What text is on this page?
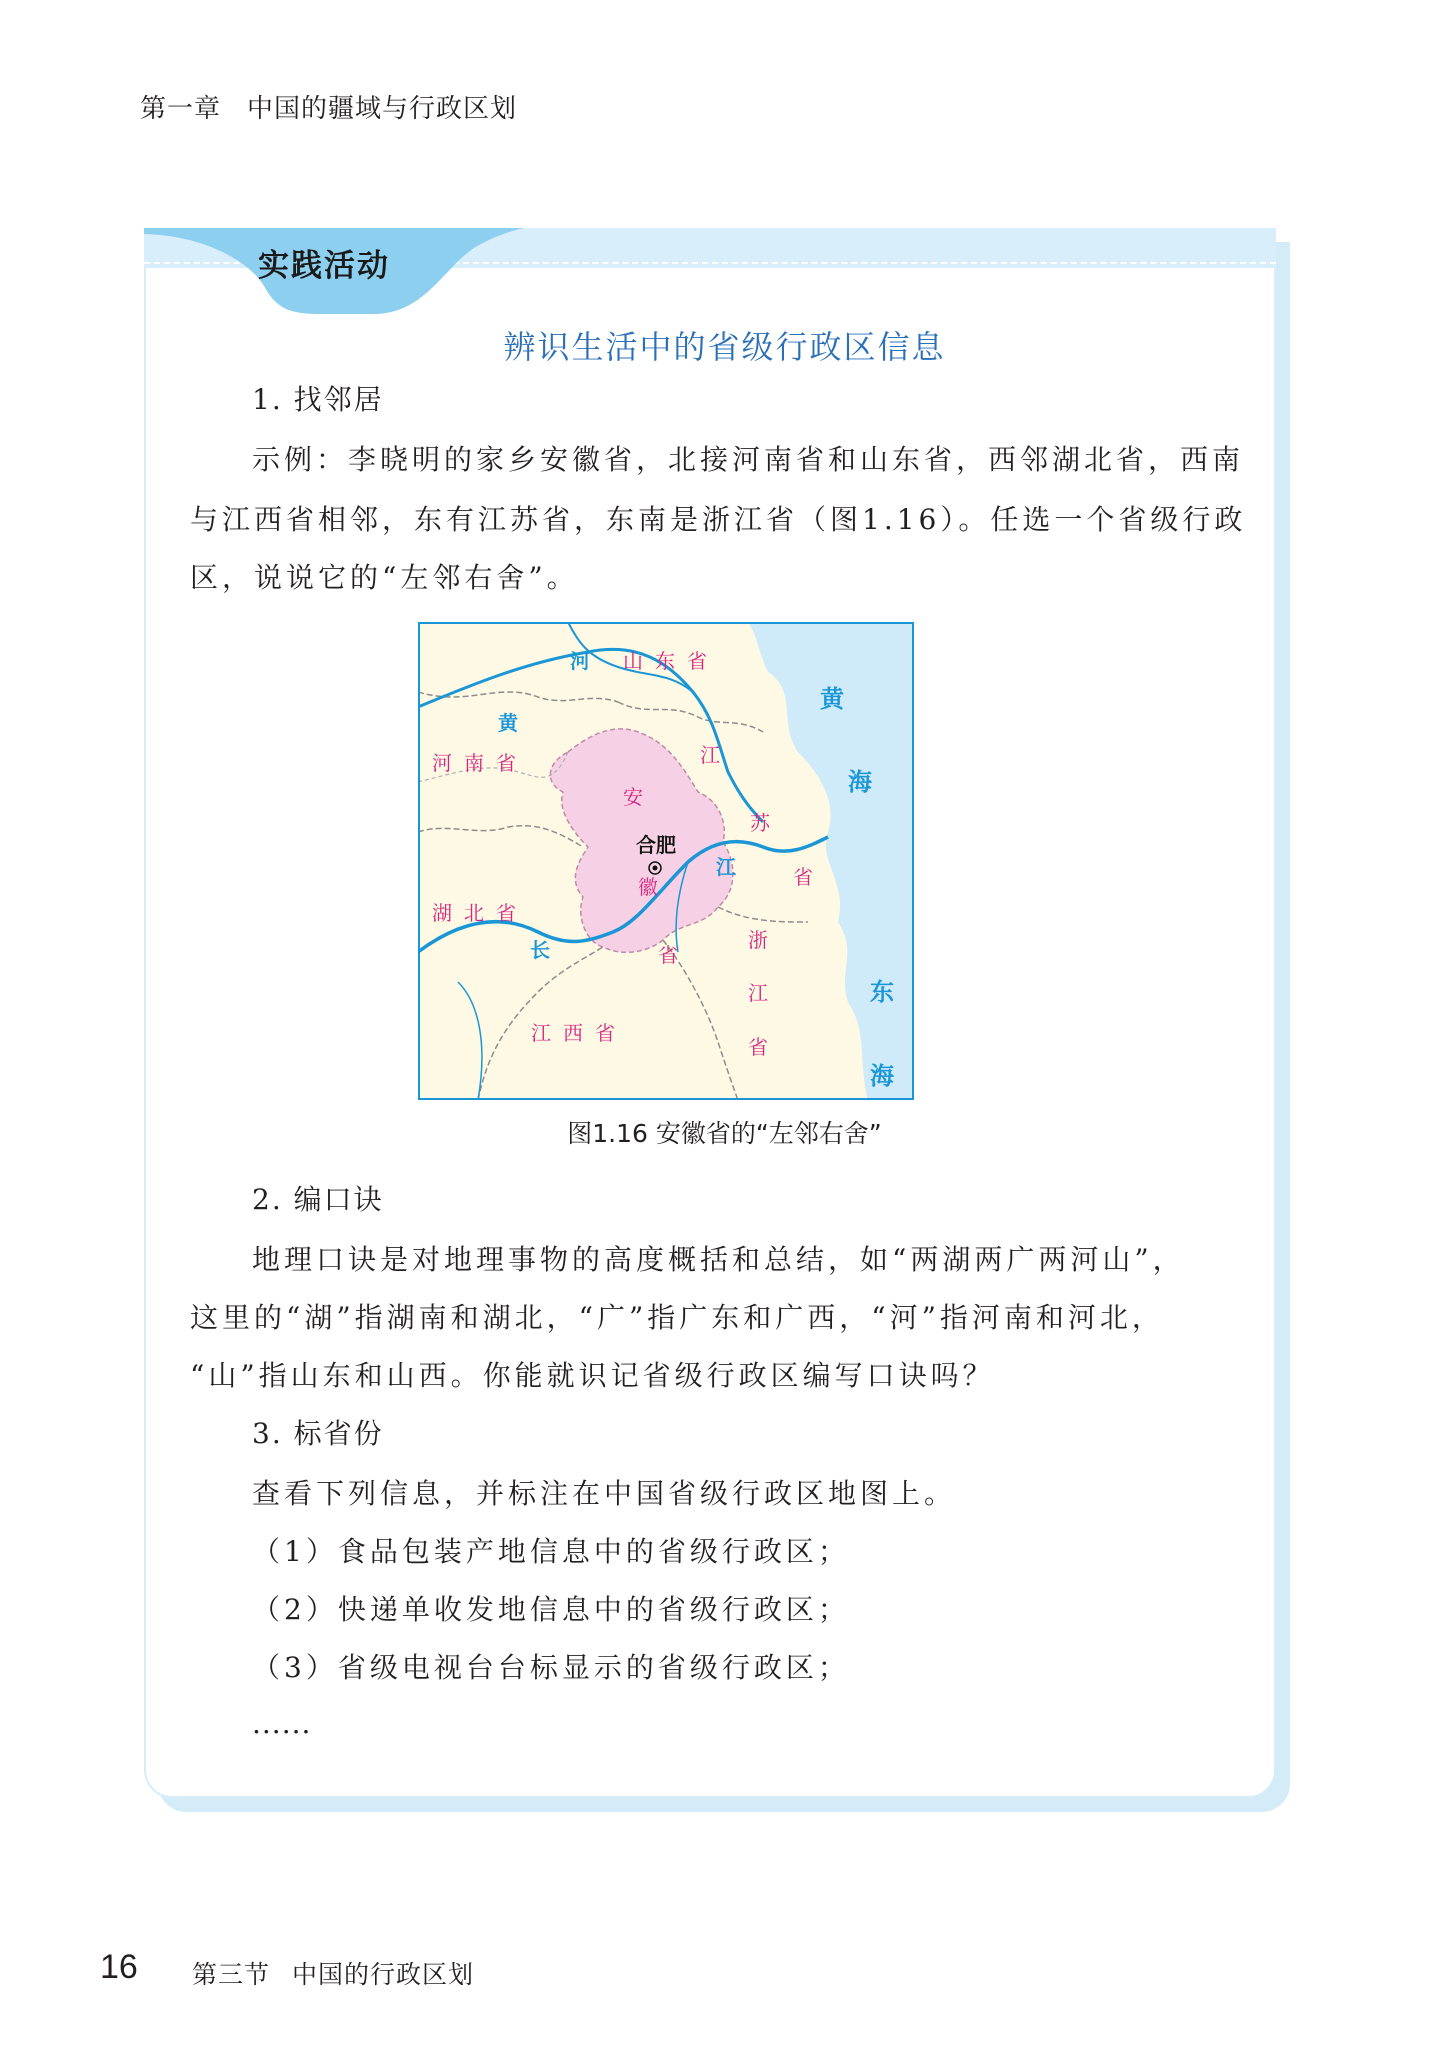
第一章 中国的疆域与行政区划
实践活动
辨识生活中的省级行政区信息
1. 找邻居
示例：李晓明的家乡安徽省，北接河南省和山东省，西邻湖北省，西南
与江西省相邻，东有江苏省，东南是浙江省（图1.16）。任选一个省级行政
区，说说它的“左邻右舍”。
山东省
河南省
湖北省
江西省
安
徽
省
江
苏
省
浙
江
省
河
黄
长
江
黄
海
东
海
合肥
图1.16 安徽省的“左邻右舍”
2. 编口诀
地理口诀是对地理事物的高度概括和总结，如“两湖两广两河山”，
这里的“湖”指湖南和湖北，“广”指广东和广西，“河”指河南和河北，
“山”指山东和山西。你能就识记省级行政区编写口诀吗？
3. 标省份
查看下列信息，并标注在中国省级行政区地图上。
（1）食品包装产地信息中的省级行政区；
（2）快递单收发地信息中的省级行政区；
（3）省级电视台台标显示的省级行政区；
......
16 第三节 中国的行政区划
